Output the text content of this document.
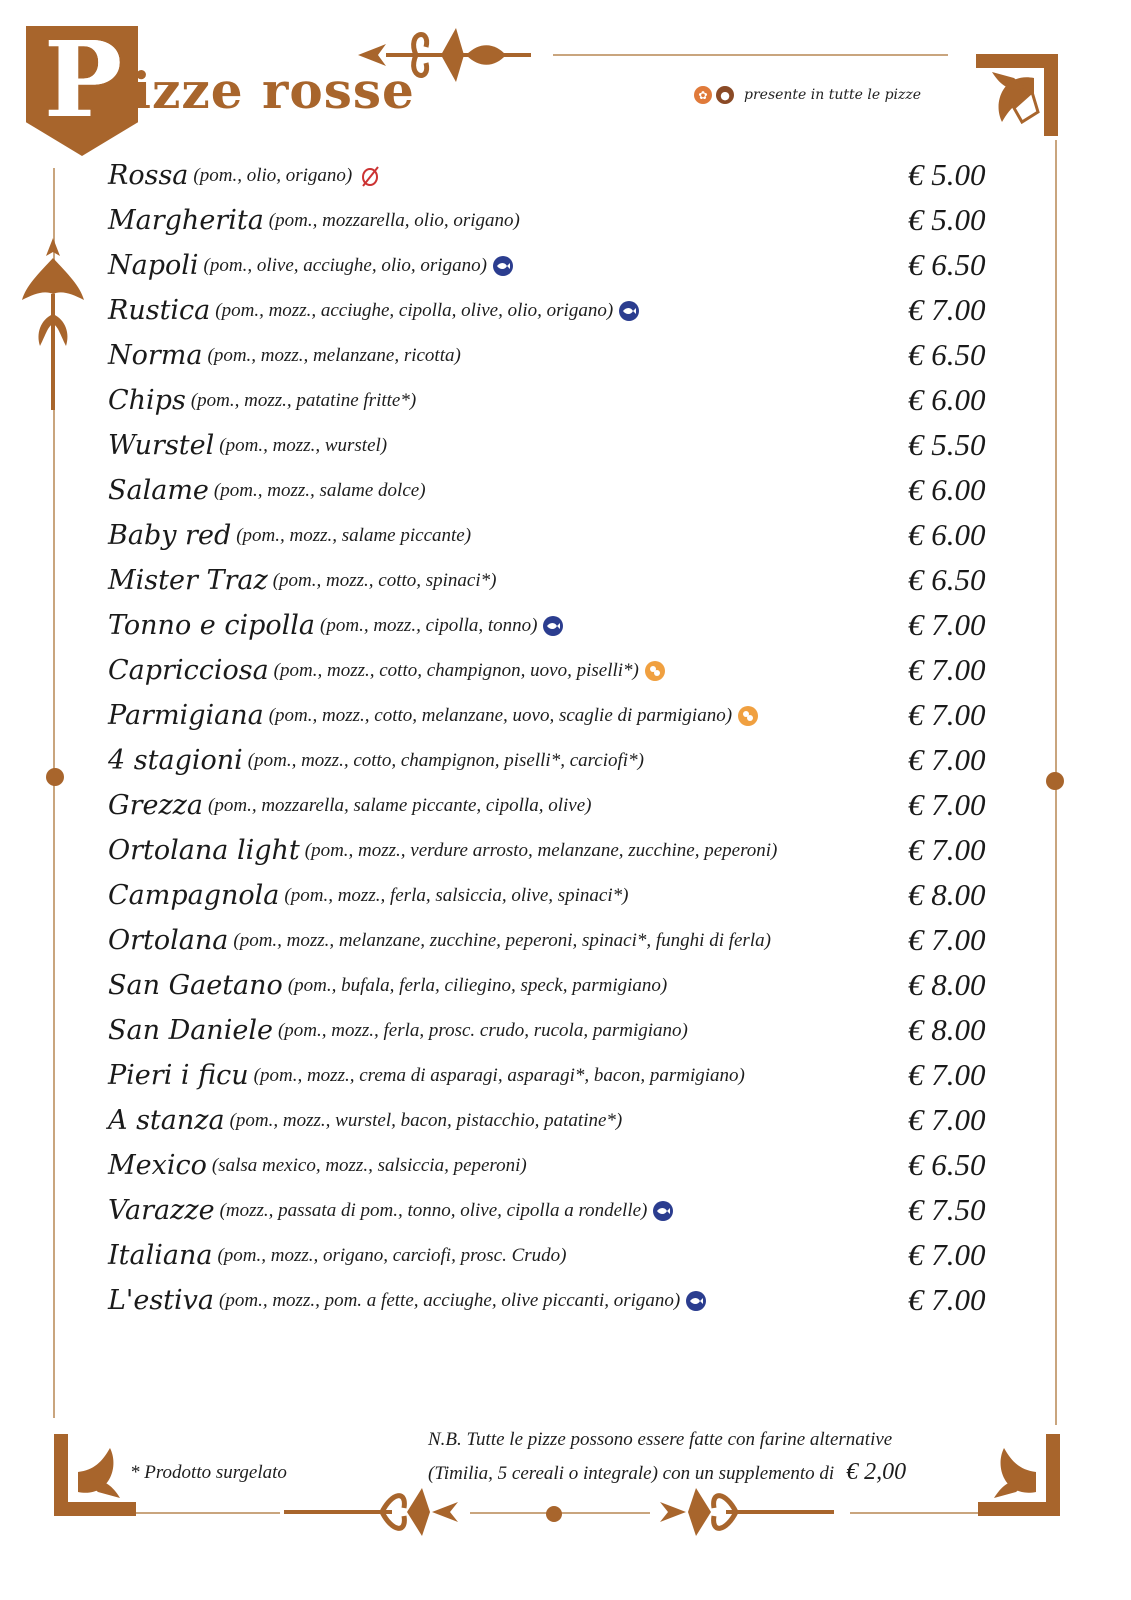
P izze rosse	✿	●	presente in tutte le pizze
Rossa (pom., olio, origano)	€ 5.00
Margherita (pom., mozzarella, olio, origano)	€ 5.00
Napoli (pom., olive, acciughe, olio, origano)	€ 6.50
Rustica (pom., mozz., acciughe, cipolla, olive, olio, origano)	€ 7.00
Norma (pom., mozz., melanzane, ricotta)	€ 6.50
Chips (pom., mozz., patatine fritte*)	€ 6.00
Wurstel (pom., mozz., wurstel)	€ 5.50
Salame (pom., mozz., salame dolce)	€ 6.00
Baby red (pom., mozz., salame piccante)	€ 6.00
Mister Traz (pom., mozz., cotto, spinaci*)	€ 6.50
Tonno e cipolla (pom., mozz., cipolla, tonno)	€ 7.00
Capricciosa (pom., mozz., cotto, champignon, uovo, piselli*)	€ 7.00
Parmigiana (pom., mozz., cotto, melanzane, uovo, scaglie di parmigiano)	€ 7.00
4 stagioni (pom., mozz., cotto, champignon, piselli*, carciofi*)	€ 7.00
Grezza (pom., mozzarella, salame piccante, cipolla, olive)	€ 7.00
Ortolana light (pom., mozz., verdure arrosto, melanzane, zucchine, peperoni)	€ 7.00
Campagnola (pom., mozz., ferla, salsiccia, olive, spinaci*)	€ 8.00
Ortolana (pom., mozz., melanzane, zucchine, peperoni, spinaci*, funghi di ferla)	€ 7.00
San Gaetano (pom., bufala, ferla, ciliegino, speck, parmigiano)	€ 8.00
San Daniele (pom., mozz., ferla, prosc. crudo, rucola, parmigiano)	€ 8.00
Pieri i ficu (pom., mozz., crema di asparagi, asparagi*, bacon, parmigiano)	€ 7.00
A stanza (pom., mozz., wurstel, bacon, pistacchio, patatine*)	€ 7.00
Mexico (salsa mexico, mozz., salsiccia, peperoni)	€ 6.50
Varazze (mozz., passata di pom., tonno, olive, cipolla a rondelle)	€ 7.50
Italiana (pom., mozz., origano, carciofi, prosc. Crudo)	€ 7.00
L'estiva (pom., mozz., pom. a fette, acciughe, olive piccanti, origano)	€ 7.00
* Prodotto surgelato
N.B. Tutte le pizze possono essere fatte con farine alternative
(Timilia, 5 cereali o integrale) con un supplemento di € 2,00
